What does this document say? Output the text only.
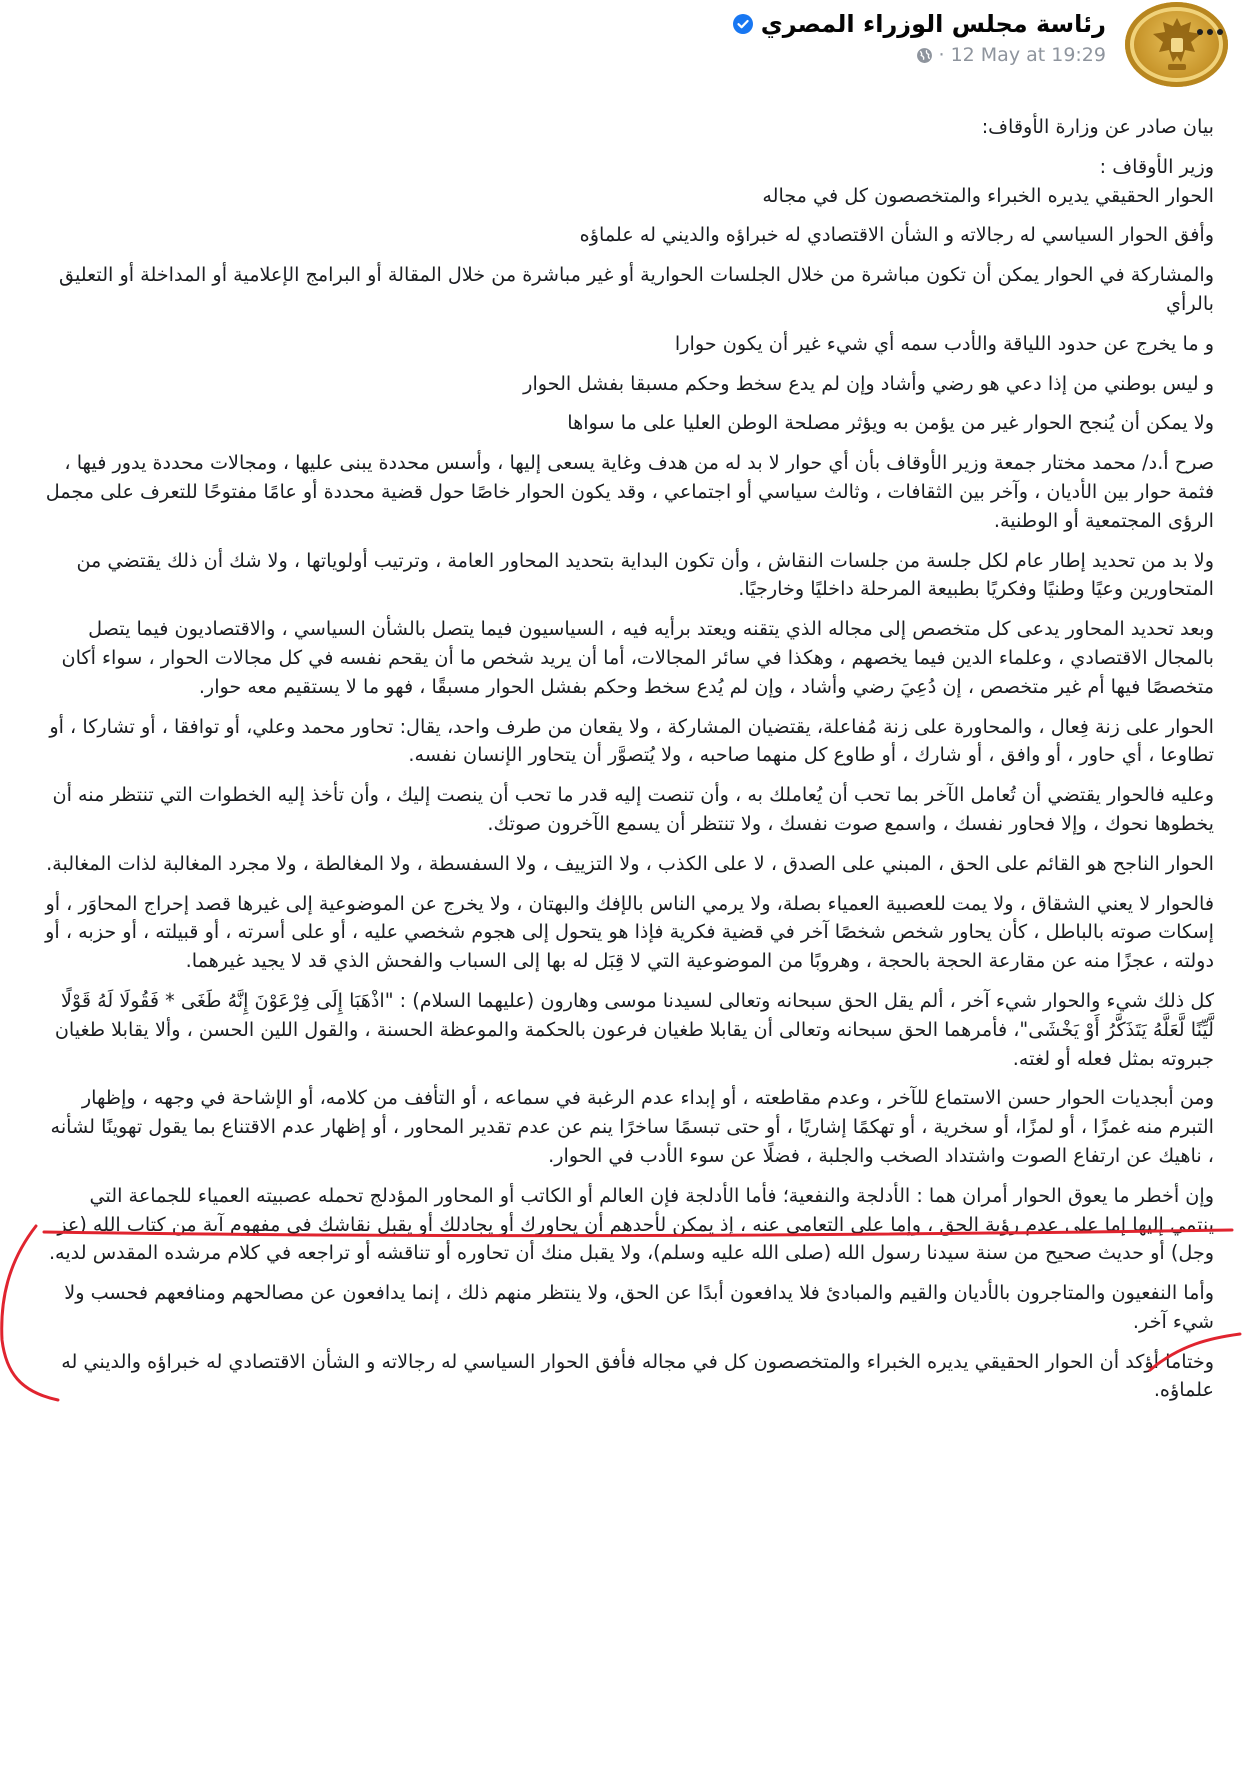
رئاسة مجلس الوزراء المصري
12 May at 19:29
·

بيان صادر عن وزارة الأوقاف:

وزير الأوقاف :

الحوار الحقيقي يديره الخبراء والمتخصصون كل في مجاله

وأفق الحوار السياسي له رجالاته و الشأن الاقتصادي له خبراؤه والديني له علماؤه

والمشاركة في الحوار يمكن أن تكون مباشرة من خلال الجلسات الحوارية أو غير مباشرة من خلال المقالة أو البرامج الإعلامية أو المداخلة أو التعليق بالرأي

و ما يخرج عن حدود اللياقة والأدب سمه أي شيء غير أن يكون حوارا

و ليس بوطني من إذا دعي هو رضي وأشاد وإن لم يدع سخط وحكم مسبقا بفشل الحوار

ولا يمكن أن يُنجح الحوار غير من يؤمن به ويؤثر مصلحة الوطن العليا على ما سواها

صرح أ.د/ محمد مختار جمعة وزير الأوقاف بأن أي حوار لا بد له من هدف وغاية يسعى إليها ، وأسس محددة يبنى عليها ، ومجالات محددة يدور فيها ، فثمة حوار بين الأديان ، وآخر بين الثقافات ، وثالث سياسي أو اجتماعي ، وقد يكون الحوار خاصًا حول قضية محددة أو عامًا مفتوحًا للتعرف على مجمل الرؤى المجتمعية أو الوطنية.

ولا بد من تحديد إطار عام لكل جلسة من جلسات النقاش ، وأن تكون البداية بتحديد المحاور العامة ، وترتيب أولوياتها ، ولا شك أن ذلك يقتضي من المتحاورين وعيًا وطنيًا وفكريًا بطبيعة المرحلة داخليًا وخارجيًا.

وبعد تحديد المحاور يدعى كل متخصص إلى مجاله الذي يتقنه ويعتد برأيه فيه ، السياسيون فيما يتصل بالشأن السياسي ، والاقتصاديون فيما يتصل بالمجال الاقتصادي ، وعلماء الدين فيما يخصهم ، وهكذا في سائر المجالات، أما أن يريد شخص ما أن يقحم نفسه في كل مجالات الحوار ، سواء أكان متخصصًا فيها أم غير متخصص ، إن دُعِيَ رضي وأشاد ، وإن لم يُدع سخط وحكم بفشل الحوار مسبقًا ، فهو ما لا يستقيم معه حوار.

الحوار على زنة فِعال ، والمحاورة على زنة مُفاعلة، يقتضيان المشاركة ، ولا يقعان من طرف واحد، يقال: تحاور محمد وعلي، أو توافقا ، أو تشاركا ، أو تطاوعا ، أي حاور ، أو وافق ، أو شارك ، أو طاوع كل منهما صاحبه ، ولا يُتصوَّر أن يتحاور الإنسان نفسه.

وعليه فالحوار يقتضي أن تُعامل الآخر بما تحب أن يُعاملك به ، وأن تنصت إليه قدر ما تحب أن ينصت إليك ، وأن تأخذ إليه الخطوات التي تنتظر منه أن يخطوها نحوك ، وإلا فحاور نفسك ، واسمع صوت نفسك ، ولا تنتظر أن يسمع الآخرون صوتك.

الحوار الناجح هو القائم على الحق ، المبني على الصدق ، لا على الكذب ، ولا التزييف ، ولا السفسطة ، ولا المغالطة ، ولا مجرد المغالبة لذات المغالبة.

فالحوار لا يعني الشقاق ، ولا يمت للعصبية العمياء بصلة، ولا يرمي الناس بالإفك والبهتان ، ولا يخرج عن الموضوعية إلى غيرها قصد إحراج المحاوَر ، أو إسكات صوته بالباطل ، كأن يحاور شخص شخصًا آخر في قضية فكرية فإذا هو يتحول إلى هجوم شخصي عليه ، أو على أسرته ، أو قبيلته ، أو حزبه ، أو دولته ، عجزًا منه عن مقارعة الحجة بالحجة ، وهروبًا من الموضوعية التي لا قِبَل له بها إلى السباب والفحش الذي قد لا يجيد غيرهما.

كل ذلك شيء والحوار شيء آخر ، ألم يقل الحق سبحانه وتعالى لسيدنا موسى وهارون (عليهما السلام) : "اذْهَبَا إِلَى فِرْعَوْنَ إِنَّهُ طَغَى * فَقُولَا لَهُ قَوْلًا لَّيِّنًا لَّعَلَّهُ يَتَذَكَّرُ أَوْ يَخْشَى"، فأمرهما الحق سبحانه وتعالى أن يقابلا طغيان فرعون بالحكمة والموعظة الحسنة ، والقول اللين الحسن ، وألا يقابلا طغيان جبروته بمثل فعله أو لغته.

ومن أبجديات الحوار حسن الاستماع للآخر ، وعدم مقاطعته ، أو إبداء عدم الرغبة في سماعه ، أو التأفف من كلامه، أو الإشاحة في وجهه ، وإظهار التبرم منه غمزًا ، أو لمزًا، أو سخرية ، أو تهكمًا إشاريًا ، أو حتى تبسمًا ساخرًا ينم عن عدم تقدير المحاور ، أو إظهار عدم الاقتناع بما يقول تهوينًا لشأنه ، ناهيك عن ارتفاع الصوت واشتداد الصخب والجلبة ، فضلًا عن سوء الأدب في الحوار.

وإن أخطر ما يعوق الحوار أمران هما : الأدلجة والنفعية؛ فأما الأدلجة فإن العالم أو الكاتب أو المحاور المؤدلج تحمله عصبيته العمياء للجماعة التي ينتمي إليها إما على عدم رؤية الحق ، وإما على التعامي عنه ، إذ يمكن لأحدهم أن يحاورك أو يجادلك أو يقبل نقاشك في مفهوم آية من كتاب الله (عز وجل) أو حديث صحيح من سنة سيدنا رسول الله (صلى الله عليه وسلم)، ولا يقبل منك أن تحاوره أو تناقشه أو تراجعه في كلام مرشده المقدس لديه.

وأما النفعيون والمتاجرون بالأديان والقيم والمبادئ فلا يدافعون أبدًا عن الحق، ولا ينتظر منهم ذلك ، إنما يدافعون عن مصالحهم ومنافعهم فحسب ولا شيء آخر.

وختاما أؤكد أن الحوار الحقيقي يديره الخبراء والمتخصصون كل في مجاله فأفق الحوار السياسي له رجالاته و الشأن الاقتصادي له خبراؤه والديني له علماؤه.
